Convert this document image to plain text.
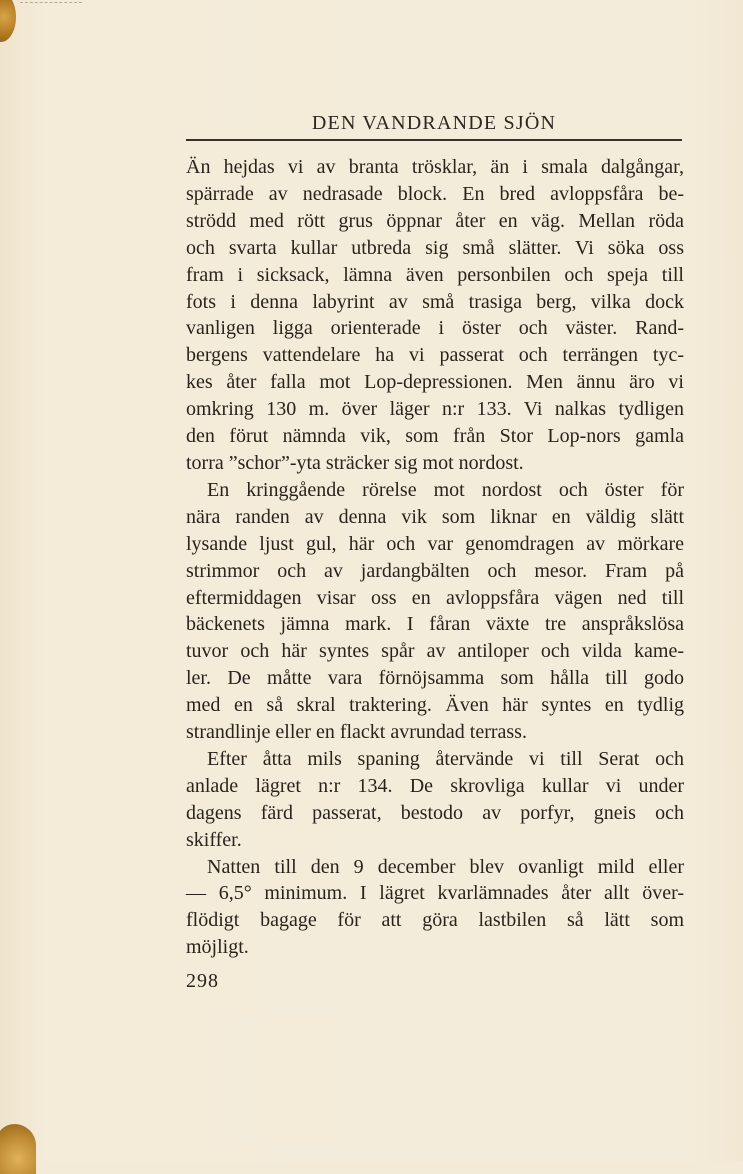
DEN VANDRANDE SJÖN
Än hejdas vi av branta trösklar, än i smala dalgångar,
spärrade av nedrasade block. En bred avloppsfåra be-
strödd med rött grus öppnar åter en väg. Mellan röda
och svarta kullar utbreda sig små slätter. Vi söka oss
fram i sicksack, lämna även personbilen och speja till
fots i denna labyrint av små trasiga berg, vilka dock
vanligen ligga orienterade i öster och väster. Rand-
bergens vattendelare ha vi passerat och terrängen tyc-
kes åter falla mot Lop-depressionen. Men ännu äro vi
omkring 130 m. över läger n:r 133. Vi nalkas tydligen
den förut nämnda vik, som från Stor Lop-nors gamla
torra ”schor”-yta sträcker sig mot nordost.
En kringgående rörelse mot nordost och öster för
nära randen av denna vik som liknar en väldig slätt
lysande ljust gul, här och var genomdragen av mörkare
strimmor och av jardangbälten och mesor. Fram på
eftermiddagen visar oss en avloppsfåra vägen ned till
bäckenets jämna mark. I fåran växte tre anspråkslösa
tuvor och här syntes spår av antiloper och vilda kame-
ler. De måtte vara förnöjsamma som hålla till godo
med en så skral traktering. Även här syntes en tydlig
strandlinje eller en flackt avrundad terrass.
Efter åtta mils spaning återvände vi till Serat och
anlade lägret n:r 134. De skrovliga kullar vi under
dagens färd passerat, bestodo av porfyr, gneis och
skiffer.
Natten till den 9 december blev ovanligt mild eller
— 6,5° minimum. I lägret kvarlämnades åter allt över-
flödigt bagage för att göra lastbilen så lätt som
möjligt.
298
